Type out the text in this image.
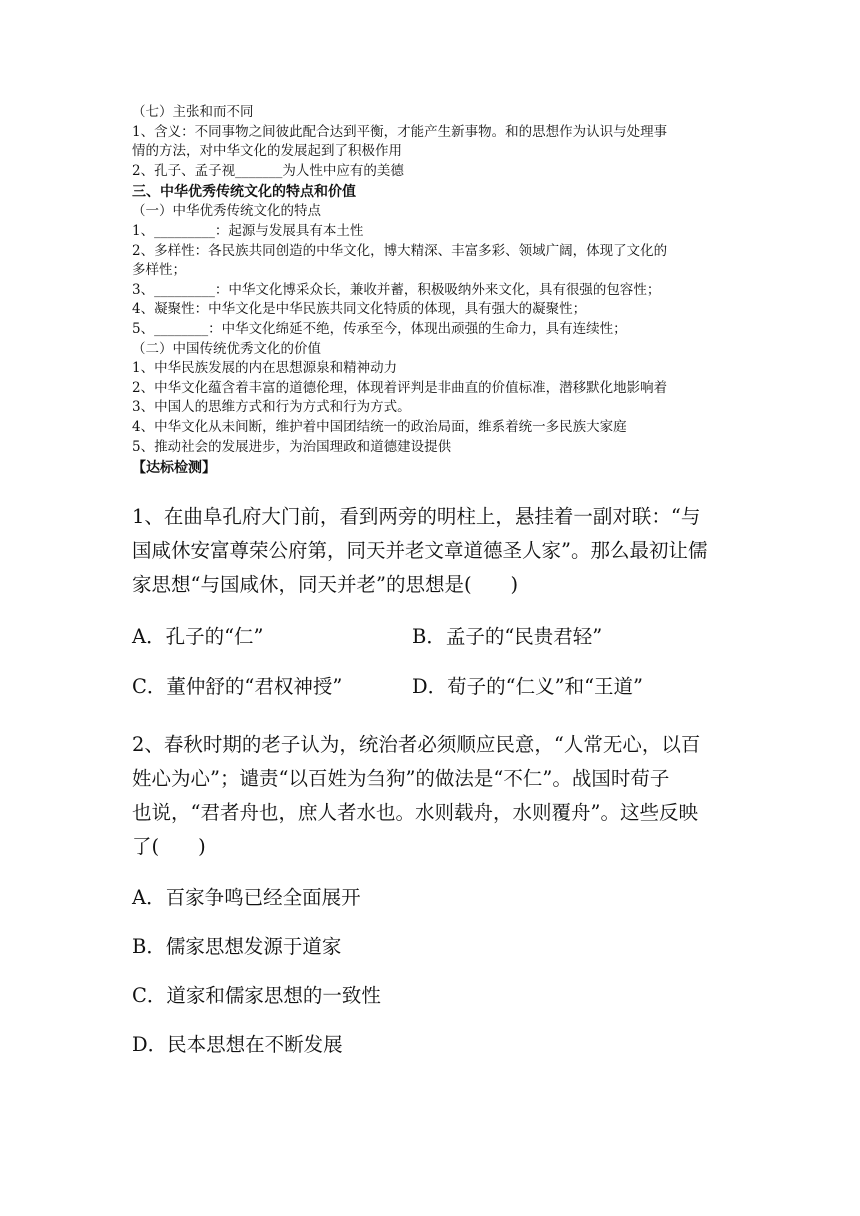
（七）主张和而不同
1、含义：不同事物之间彼此配合达到平衡，才能产生新事物。和的思想作为认识与处理事
情的方法，对中华文化的发展起到了积极作用
2、孔子、孟子视_______为人性中应有的美德
三、中华优秀传统文化的特点和价值
（一）中华优秀传统文化的特点
1、_________：起源与发展具有本土性
2、多样性：各民族共同创造的中华文化，博大精深、丰富多彩、领域广阔，体现了文化的
多样性；
3、_________：中华文化博采众长，兼收并蓄，积极吸纳外来文化，具有很强的包容性；
4、凝聚性：中华文化是中华民族共同文化特质的体现，具有强大的凝聚性；
5、________：中华文化绵延不绝，传承至今，体现出顽强的生命力，具有连续性；
（二）中国传统优秀文化的价值
1、中华民族发展的内在思想源泉和精神动力
2、中华文化蕴含着丰富的道德伦理，体现着评判是非曲直的价值标准，潜移默化地影响着
3、中国人的思维方式和行为方式和行为方式。
4、中华文化从未间断，维护着中国团结统一的政治局面，维系着统一多民族大家庭
5、推动社会的发展进步，为治国理政和道德建设提供
【达标检测】

1、在曲阜孔府大门前，看到两旁的明柱上，悬挂着一副对联：“与

国咸休安富尊荣公府第，同天并老文章道德圣人家”。那么最初让儒

家思想“与国咸休，同天并老”的思想是(　　)

A．孔子的“仁”	B．孟子的“民贵君轻”
C．董仲舒的“君权神授”	D．荀子的“仁义”和“王道”

2、春秋时期的老子认为，统治者必须顺应民意，“人常无心，以百

姓心为心”；谴责“以百姓为刍狗”的做法是“不仁”。战国时荀子

也说，“君者舟也，庶人者水也。水则载舟，水则覆舟”。这些反映

了(　　)

A．百家争鸣已经全面展开
B．儒家思想发源于道家
C．道家和儒家思想的一致性
D．民本思想在不断发展
